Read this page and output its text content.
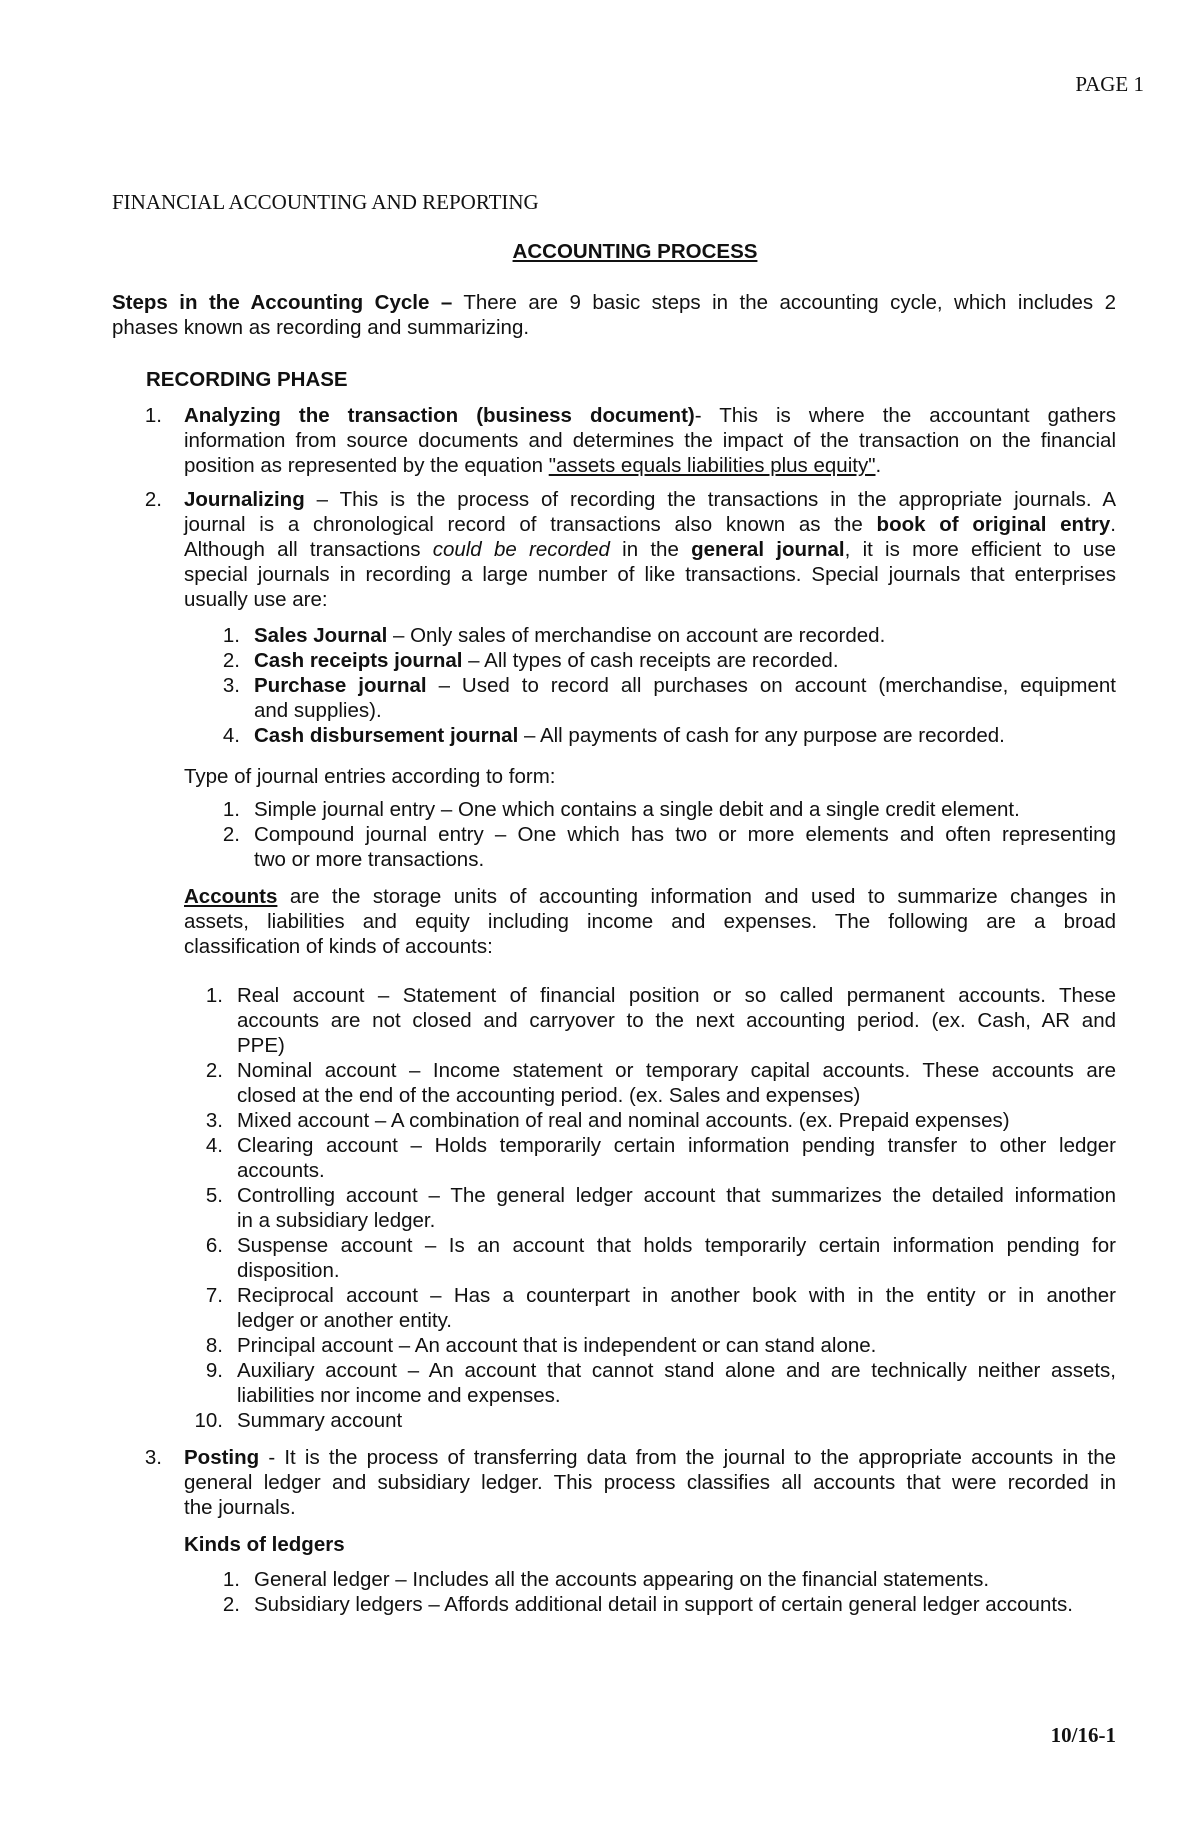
PAGE 1
FINANCIAL ACCOUNTING AND REPORTING
ACCOUNTING PROCESS
Steps in the Accounting Cycle – There are 9 basic steps in the accounting cycle, which includes 2
phases known as recording and summarizing.
RECORDING PHASE
1. Analyzing the transaction (business document)- This is where the accountant gathers
information from source documents and determines the impact of the transaction on the financial
position as represented by the equation "assets equals liabilities plus equity".
2. Journalizing – This is the process of recording the transactions in the appropriate journals. A
journal is a chronological record of transactions also known as the book of original entry.
Although all transactions could be recorded in the general journal, it is more efficient to use
special journals in recording a large number of like transactions. Special journals that enterprises
usually use are:
1. Sales Journal – Only sales of merchandise on account are recorded.
2. Cash receipts journal – All types of cash receipts are recorded.
3. Purchase journal – Used to record all purchases on account (merchandise, equipment
and supplies).
4. Cash disbursement journal – All payments of cash for any purpose are recorded.
Type of journal entries according to form:
1. Simple journal entry – One which contains a single debit and a single credit element.
2. Compound journal entry – One which has two or more elements and often representing
two or more transactions.
Accounts are the storage units of accounting information and used to summarize changes in
assets, liabilities and equity including income and expenses. The following are a broad
classification of kinds of accounts:
1. Real account – Statement of financial position or so called permanent accounts. These
accounts are not closed and carryover to the next accounting period. (ex. Cash, AR and
PPE)
2. Nominal account – Income statement or temporary capital accounts. These accounts are
closed at the end of the accounting period. (ex. Sales and expenses)
3. Mixed account – A combination of real and nominal accounts. (ex. Prepaid expenses)
4. Clearing account – Holds temporarily certain information pending transfer to other ledger
accounts.
5. Controlling account – The general ledger account that summarizes the detailed information
in a subsidiary ledger.
6. Suspense account – Is an account that holds temporarily certain information pending for
disposition.
7. Reciprocal account – Has a counterpart in another book with in the entity or in another
ledger or another entity.
8. Principal account – An account that is independent or can stand alone.
9. Auxiliary account – An account that cannot stand alone and are technically neither assets,
liabilities nor income and expenses.
10. Summary account
3. Posting - It is the process of transferring data from the journal to the appropriate accounts in the
general ledger and subsidiary ledger. This process classifies all accounts that were recorded in
the journals.
Kinds of ledgers
1. General ledger – Includes all the accounts appearing on the financial statements.
2. Subsidiary ledgers – Affords additional detail in support of certain general ledger accounts.
10/16-1
